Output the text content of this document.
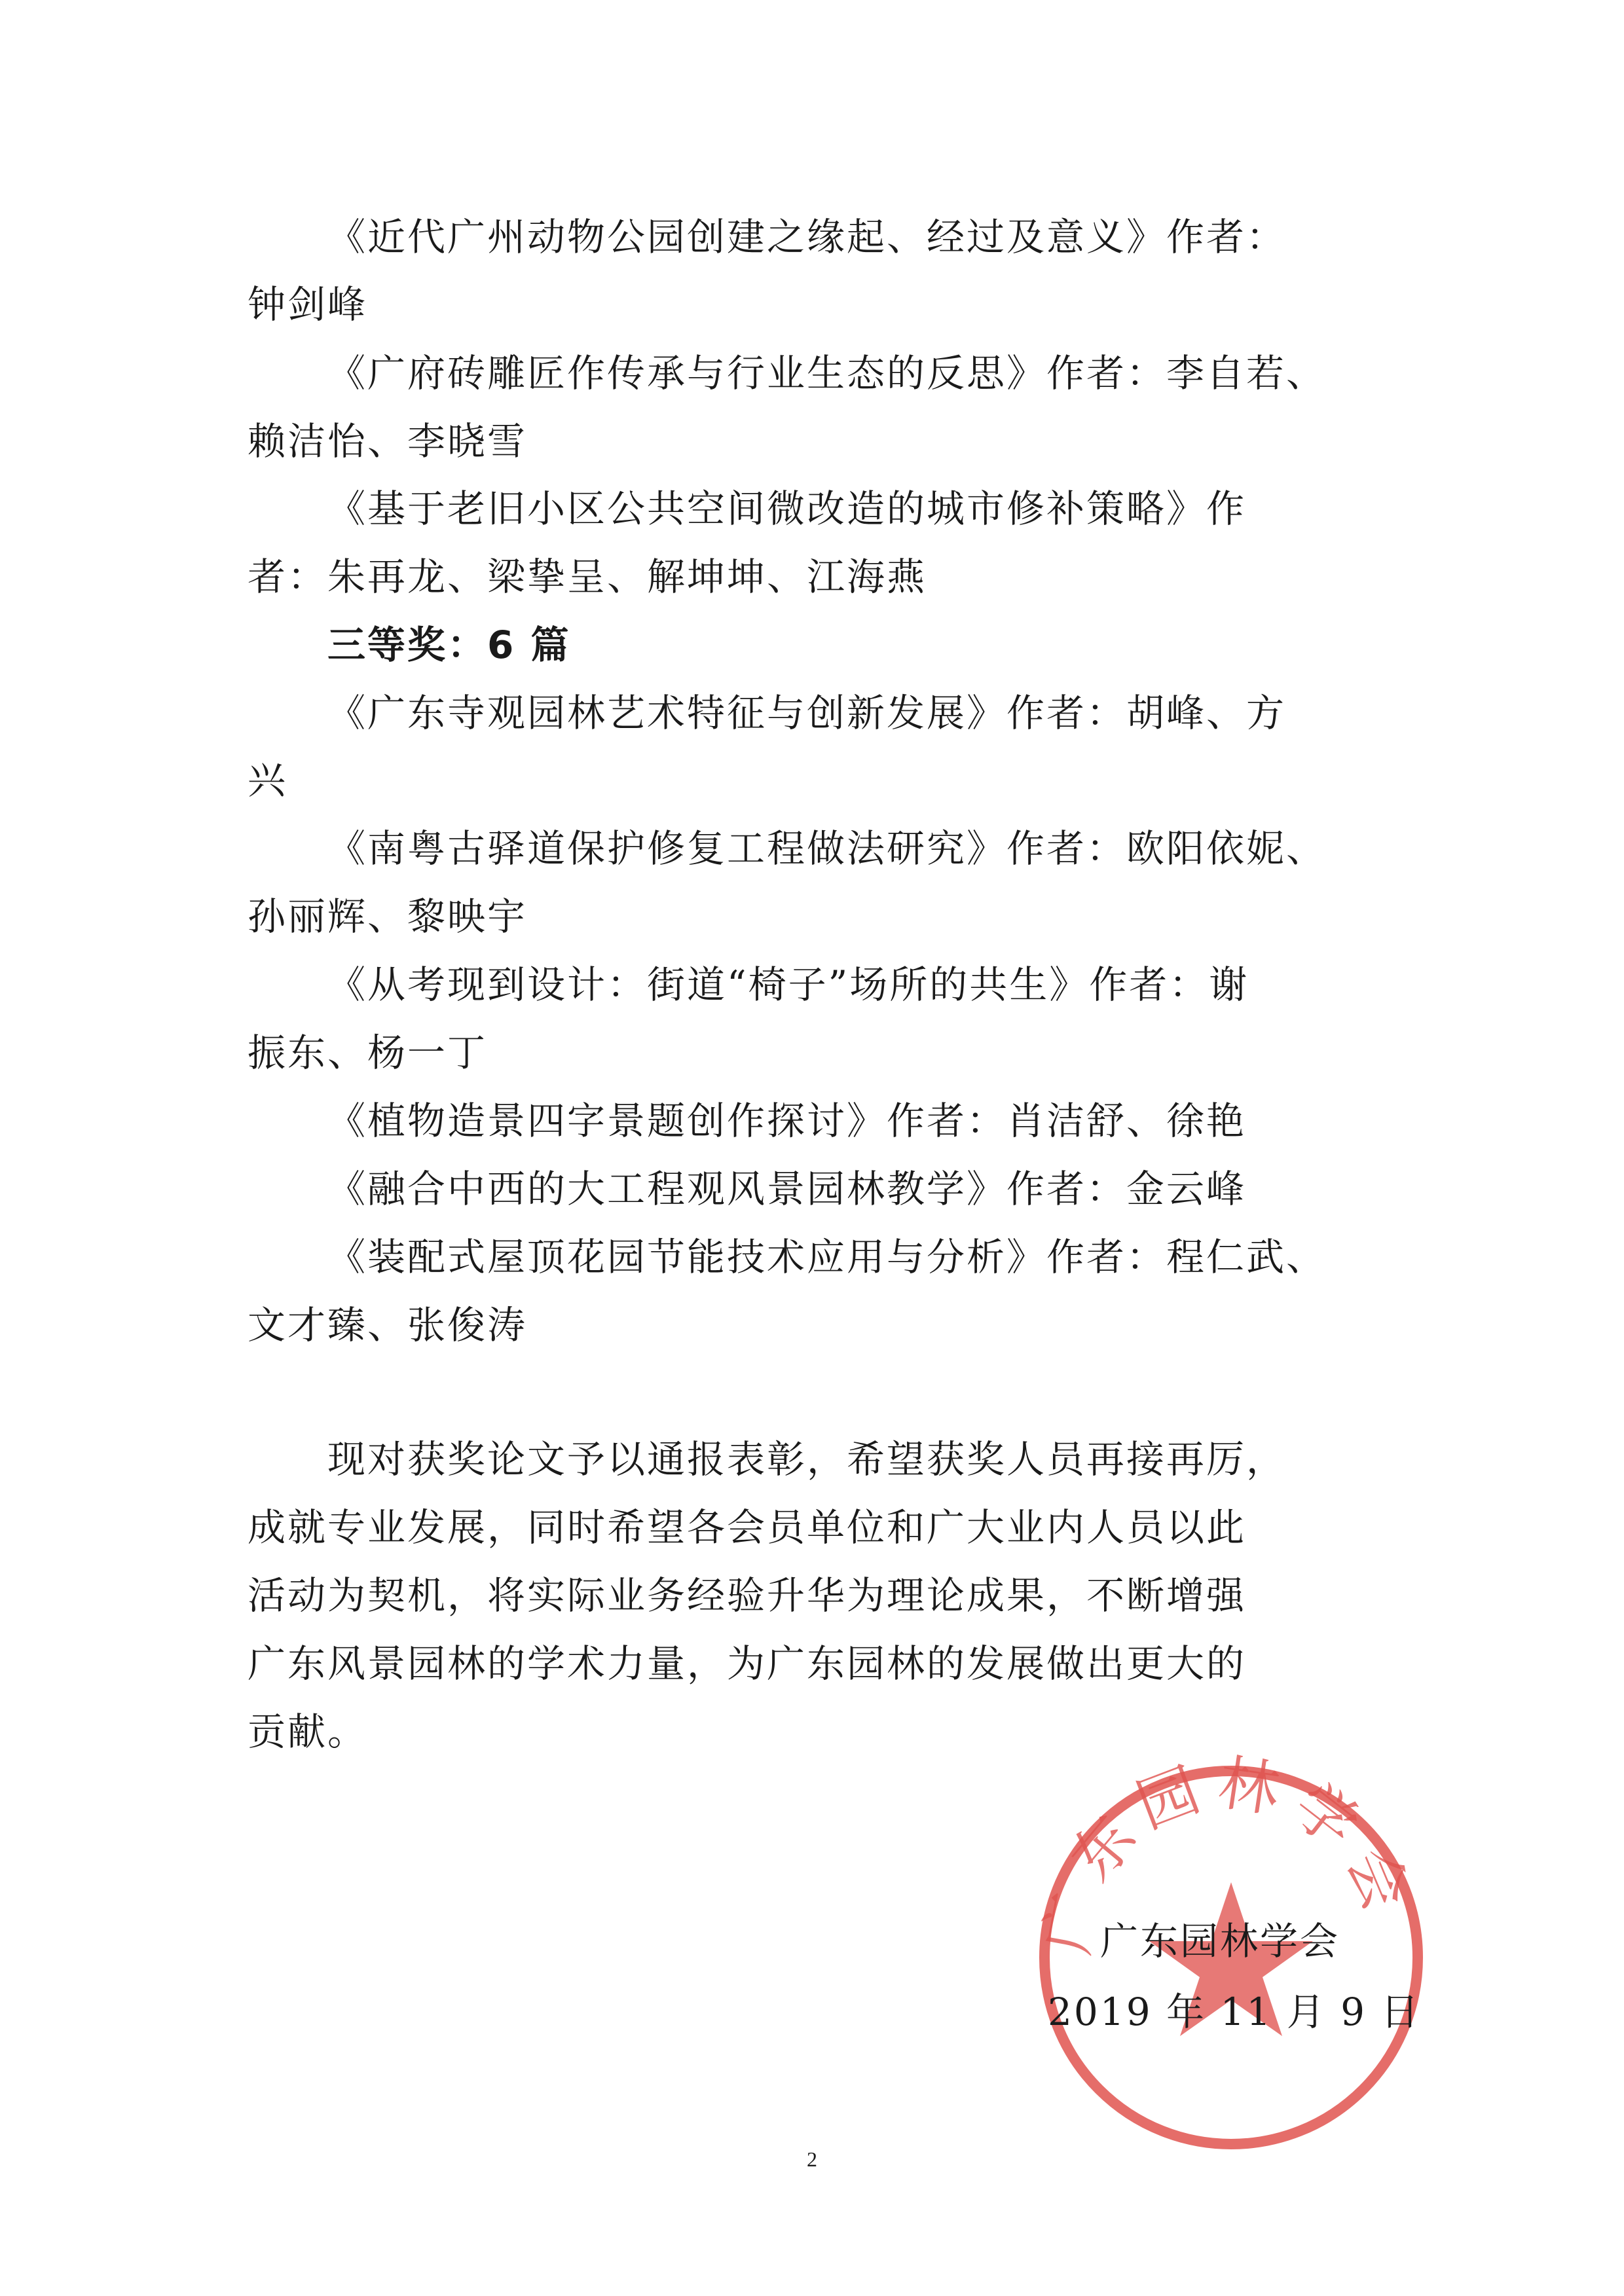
《近代广州动物公园创建之缘起、经过及意义》作者：
钟剑峰
《广府砖雕匠作传承与行业生态的反思》作者：李自若、
赖洁怡、李晓雪
《基于老旧小区公共空间微改造的城市修补策略》作
者：朱再龙、梁挚呈、解坤坤、江海燕
三等奖：6 篇
《广东寺观园林艺术特征与创新发展》作者：胡峰、方
兴
《南粤古驿道保护修复工程做法研究》作者：欧阳依妮、
孙丽辉、黎映宇
《从考现到设计：街道“椅子”场所的共生》作者：谢
振东、杨一丁
《植物造景四字景题创作探讨》作者：肖洁舒、徐艳
《融合中西的大工程观风景园林教学》作者：金云峰
《装配式屋顶花园节能技术应用与分析》作者：程仁武、
文才臻、张俊涛
现对获奖论文予以通报表彰，希望获奖人员再接再厉，
成就专业发展，同时希望各会员单位和广大业内人员以此
活动为契机，将实际业务经验升华为理论成果，不断增强
广东风景园林的学术力量，为广东园林的发展做出更大的
贡献。
广东园林学会
广东园林学会
2019 年 11 月 9 日
2
